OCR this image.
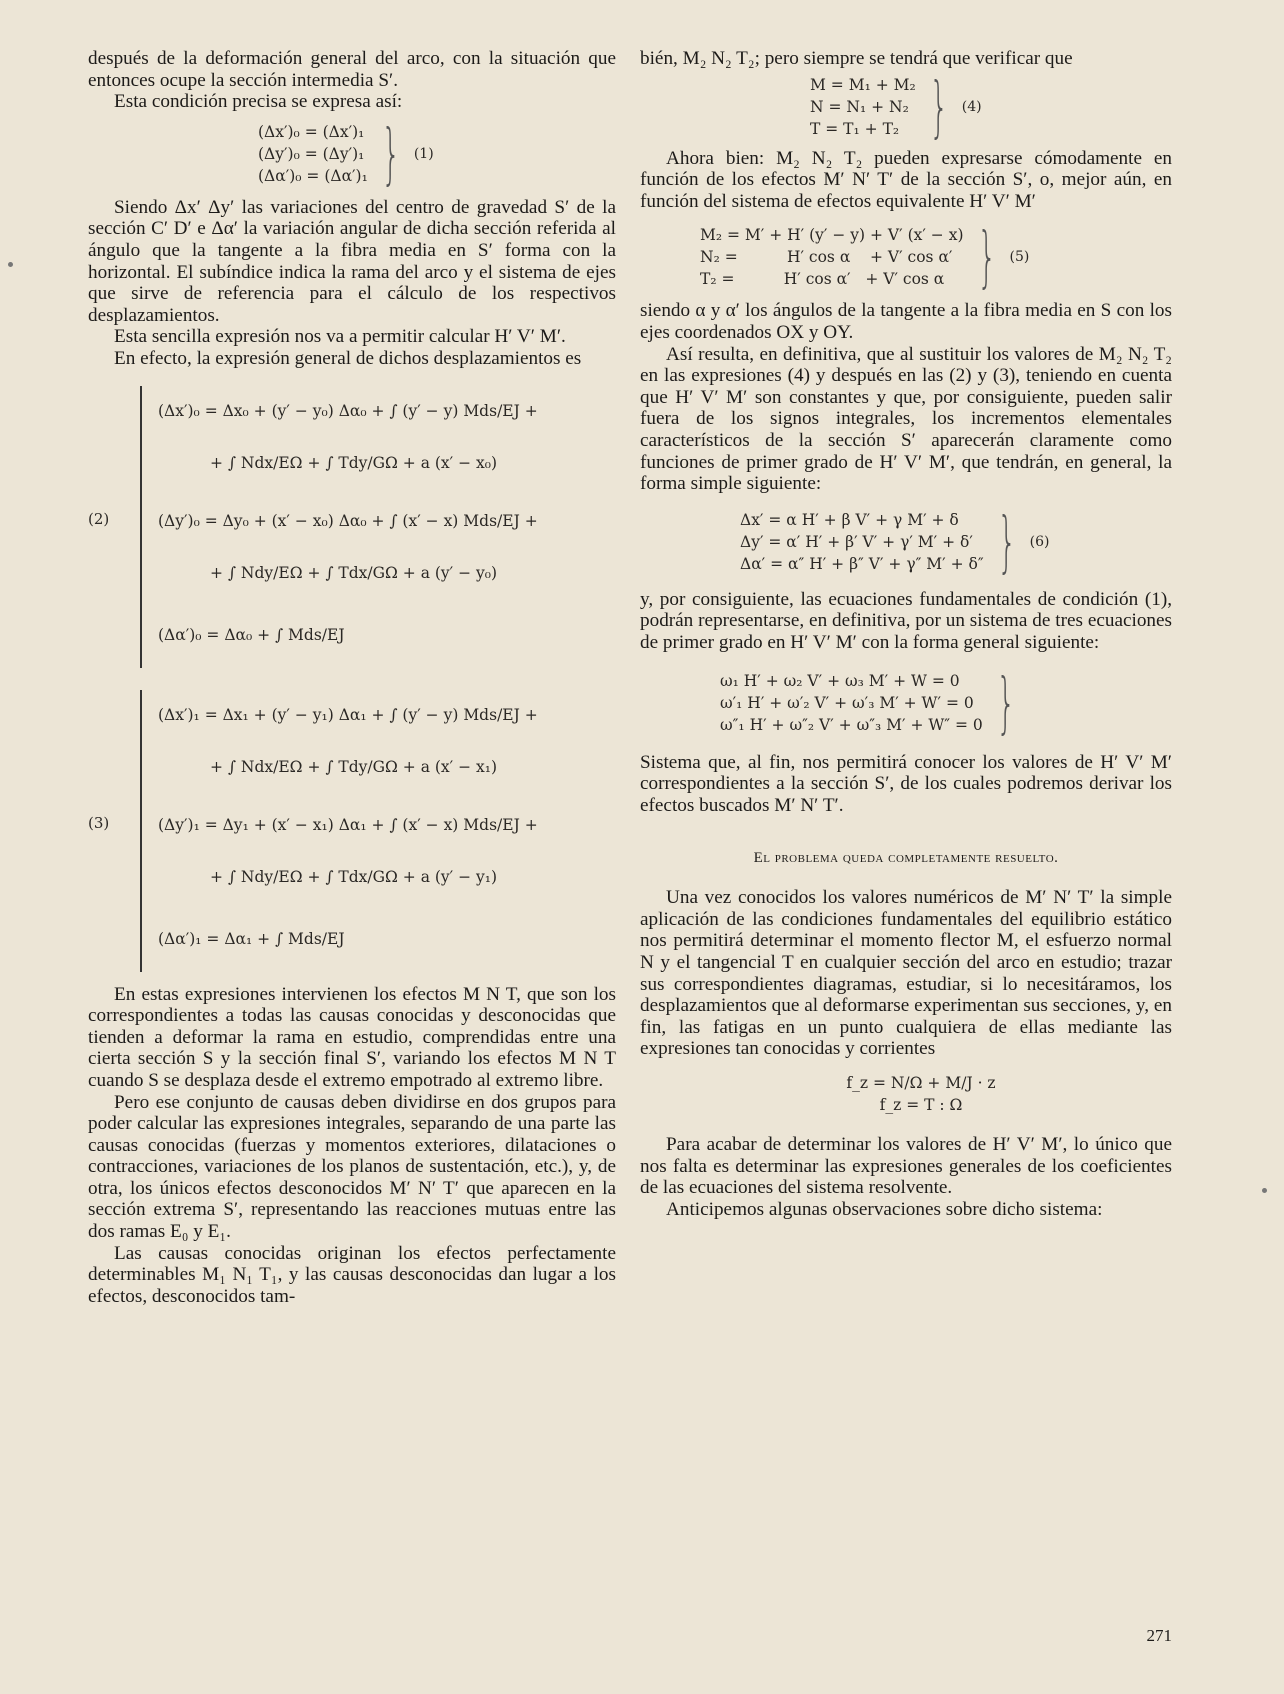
después de la deformación general del arco, con la situación que entonces ocupe la sección intermedia S′.

Esta condición precisa se expresa así:

(Δx′)₀ = (Δx′)₁
(Δy′)₀ = (Δy′)₁
(Δα′)₀ = (Δα′)₁ } (1)

Siendo Δx′ Δy′ las variaciones del centro de gravedad S′ de la sección C′ D′ e Δα′ la variación angular de dicha sección referida al ángulo que la tangente a la fibra media en S′ forma con la horizontal. El subíndice indica la rama del arco y el sistema de ejes que sirve de referencia para el cálculo de los respectivos desplazamientos.

Esta sencilla expresión nos va a permitir calcular H′ V′ M′.

En efecto, la expresión general de dichos desplazamientos es

(2)
(Δx′)₀ = Δx₀ + (y′ − y₀) Δα₀ + ∫ (y′ − y) Mds/EJ +
+ ∫ Ndx/EΩ + ∫ Tdy/GΩ + a (x′ − x₀)
(Δy′)₀ = Δy₀ + (x′ − x₀) Δα₀ + ∫ (x′ − x) Mds/EJ +
+ ∫ Ndy/EΩ + ∫ Tdx/GΩ + a (y′ − y₀)
(Δα′)₀ = Δα₀ + ∫ Mds/EJ
(3)
(Δx′)₁ = Δx₁ + (y′ − y₁) Δα₁ + ∫ (y′ − y) Mds/EJ +
+ ∫ Ndx/EΩ + ∫ Tdy/GΩ + a (x′ − x₁)
(Δy′)₁ = Δy₁ + (x′ − x₁) Δα₁ + ∫ (x′ − x) Mds/EJ +
+ ∫ Ndy/EΩ + ∫ Tdx/GΩ + a (y′ − y₁)
(Δα′)₁ = Δα₁ + ∫ Mds/EJ

En estas expresiones intervienen los efectos M N T, que son los correspondientes a todas las causas conocidas y desconocidas que tienden a deformar la rama en estudio, comprendidas entre una cierta sección S y la sección final S′, variando los efectos M N T cuando S se desplaza desde el extremo empotrado al extremo libre.

Pero ese conjunto de causas deben dividirse en dos grupos para poder calcular las expresiones integrales, separando de una parte las causas conocidas (fuerzas y momentos exteriores, dilataciones o contracciones, variaciones de los planos de sustentación, etc.), y, de otra, los únicos efectos desconocidos M′ N′ T′ que aparecen en la sección extrema S′, representando las reacciones mutuas entre las dos ramas E₀ y E₁.

Las causas conocidas originan los efectos perfectamente determinables M₁ N₁ T₁, y las causas desconocidas dan lugar a los efectos, desconocidos tam-

bién, M₂ N₂ T₂; pero siempre se tendrá que verificar que

M = M₁ + M₂
N = N₁ + N₂
T = T₁ + T₂ } (4)

Ahora bien: M₂ N₂ T₂ pueden expresarse cómodamente en función de los efectos M′ N′ T′ de la sección S′, o, mejor aún, en función del sistema de efectos equivalente H′ V′ M′

M₂ = M′ + H′ (y′ − y) + V′ (x′ − x)
N₂ =          H′ cos α    + V′ cos α′
T₂ =          H′ cos α′   + V′ cos α } (5)

siendo α y α′ los ángulos de la tangente a la fibra media en S con los ejes coordenados OX y OY.

Así resulta, en definitiva, que al sustituir los valores de M₂ N₂ T₂ en las expresiones (4) y después en las (2) y (3), teniendo en cuenta que H′ V′ M′ son constantes y que, por consiguiente, pueden salir fuera de los signos integrales, los incrementos elementales característicos de la sección S′ aparecerán claramente como funciones de primer grado de H′ V′ M′, que tendrán, en general, la forma simple siguiente:

Δx′ = α H′ + β V′ + γ M′ + δ
Δy′ = α′ H′ + β′ V′ + γ′ M′ + δ′
Δα′ = α″ H′ + β″ V′ + γ″ M′ + δ″ } (6)

y, por consiguiente, las ecuaciones fundamentales de condición (1), podrán representarse, en definitiva, por un sistema de tres ecuaciones de primer grado en H′ V′ M′ con la forma general siguiente:

ω₁ H′ + ω₂ V′ + ω₃ M′ + W = 0
ω′₁ H′ + ω′₂ V′ + ω′₃ M′ + W′ = 0
ω″₁ H′ + ω″₂ V′ + ω″₃ M′ + W″ = 0 }

Sistema que, al fin, nos permitirá conocer los valores de H′ V′ M′ correspondientes a la sección S′, de los cuales podremos derivar los efectos buscados M′ N′ T′.

El problema queda completamente resuelto.

Una vez conocidos los valores numéricos de M′ N′ T′ la simple aplicación de las condiciones fundamentales del equilibrio estático nos permitirá determinar el momento flector M, el esfuerzo normal N y el tangencial T en cualquier sección del arco en estudio; trazar sus correspondientes diagramas, estudiar, si lo necesitáramos, los desplazamientos que al deformarse experimentan sus secciones, y, en fin, las fatigas en un punto cualquiera de ellas mediante las expresiones tan conocidas y corrientes

f_z = N/Ω + M/J · z
f_z = T : Ω

Para acabar de determinar los valores de H′ V′ M′, lo único que nos falta es determinar las expresiones generales de los coeficientes de las ecuaciones del sistema resolvente.

Anticipemos algunas observaciones sobre dicho sistema:

271
